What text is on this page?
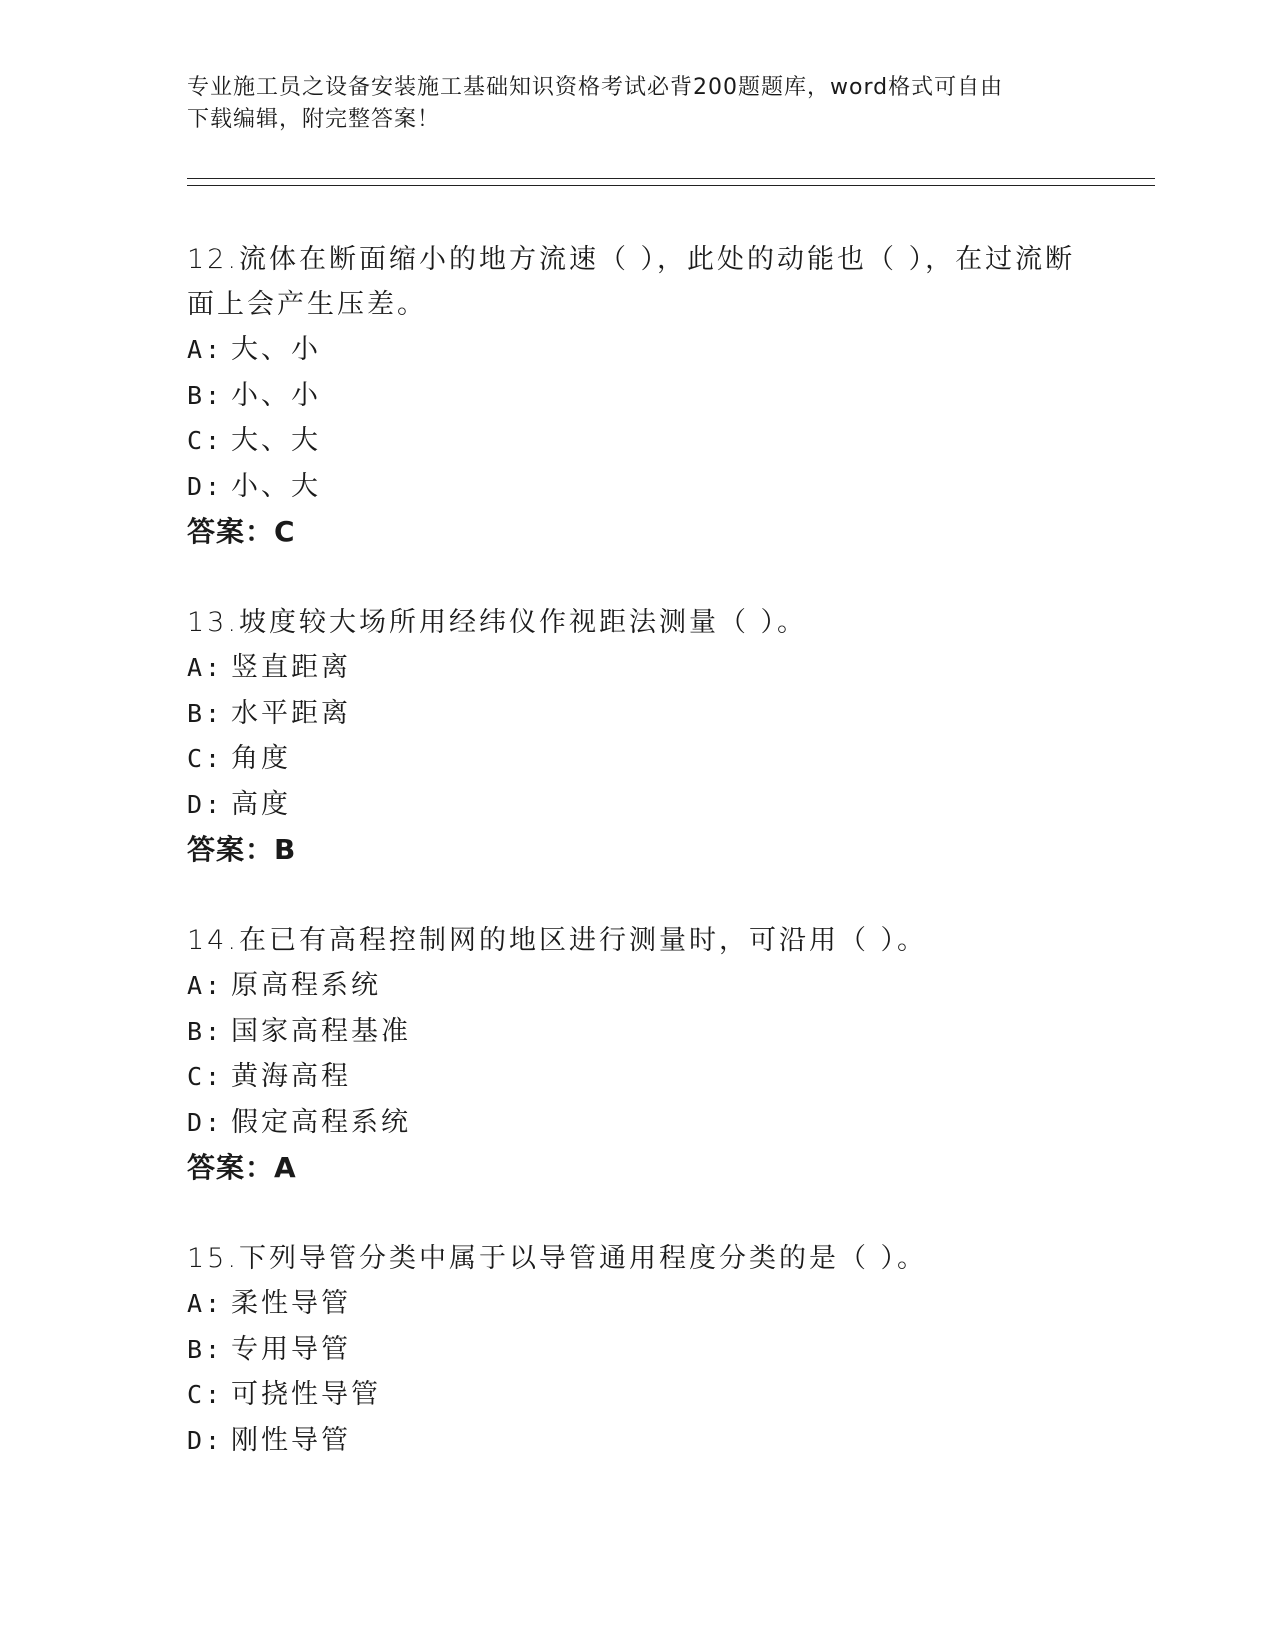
专业施工员之设备安装施工基础知识资格考试必背200题题库，word格式可自由
下载编辑，附完整答案！
12.流体在断面缩小的地方流速（ ），此处的动能也（ ），在过流断
面上会产生压差。
A: 大、小
B: 小、小
C: 大、大
D: 小、大
答案：C
13.坡度较大场所用经纬仪作视距法测量（ ）。
A: 竖直距离
B: 水平距离
C: 角度
D: 高度
答案：B
14.在已有高程控制网的地区进行测量时，可沿用（ ）。
A: 原高程系统
B: 国家高程基准
C: 黄海高程
D: 假定高程系统
答案：A
15.下列导管分类中属于以导管通用程度分类的是（ ）。
A: 柔性导管
B: 专用导管
C: 可挠性导管
D: 刚性导管
